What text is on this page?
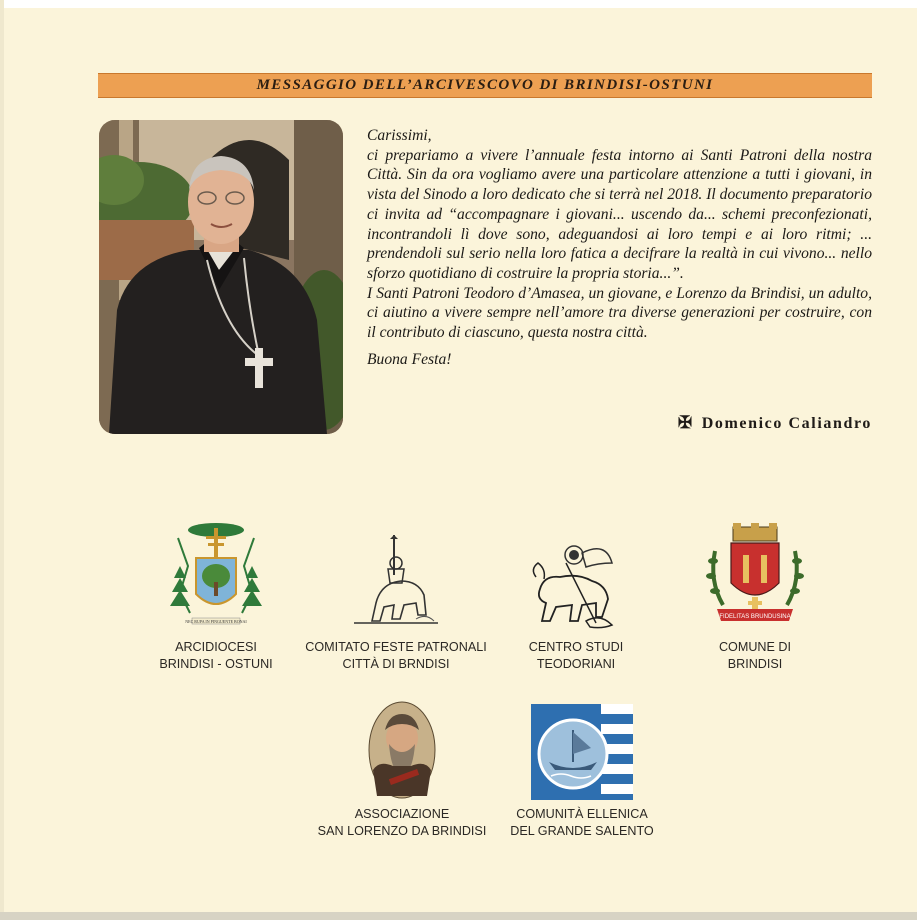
MESSAGGIO DELL’ARCIVESCOVO DI BRINDISI-OSTUNI

Carissimi,

ci prepariamo a vivere l’annuale festa intorno ai Santi Patroni della nostra Città. Sin da ora vogliamo avere una particolare attenzione a tutti i giovani, in vista del Sinodo a loro dedicato che si terrà nel 2018. Il documento preparatorio ci invita ad “accompagnare i giovani... uscendo da... schemi preconfezionati, incontrandoli lì dove sono, adeguandosi ai loro tempi e ai loro ritmi; ... prendendoli sul serio nella loro fatica a decifrare la realtà in cui vivono... nello sforzo quotidiano di costruire la propria storia...”.

I Santi Patroni Teodoro d’Amasea, un giovane, e Lorenzo da Brindisi, un adulto, ci aiutino a vivere sempre nell’amore tra diverse generazioni per costruire, con il contributo di ciascuno, questa nostra città.

Buona Festa!

✠ Domenico Caliandro
NEC RUPA IN PINGUENTE BONAI
ARCIDIOCESI
BRINDISI - OSTUNI
COMITATO FESTE PATRONALI
CITTÀ DI BRNDISI
CENTRO STUDI
TEODORIANI
FIDELITAS BRUNDUSINA
COMUNE DI
BRINDISI
ASSOCIAZIONE
SAN LORENZO DA BRINDISI
COMUNITÀ ELLENICA
DEL GRANDE SALENTO
